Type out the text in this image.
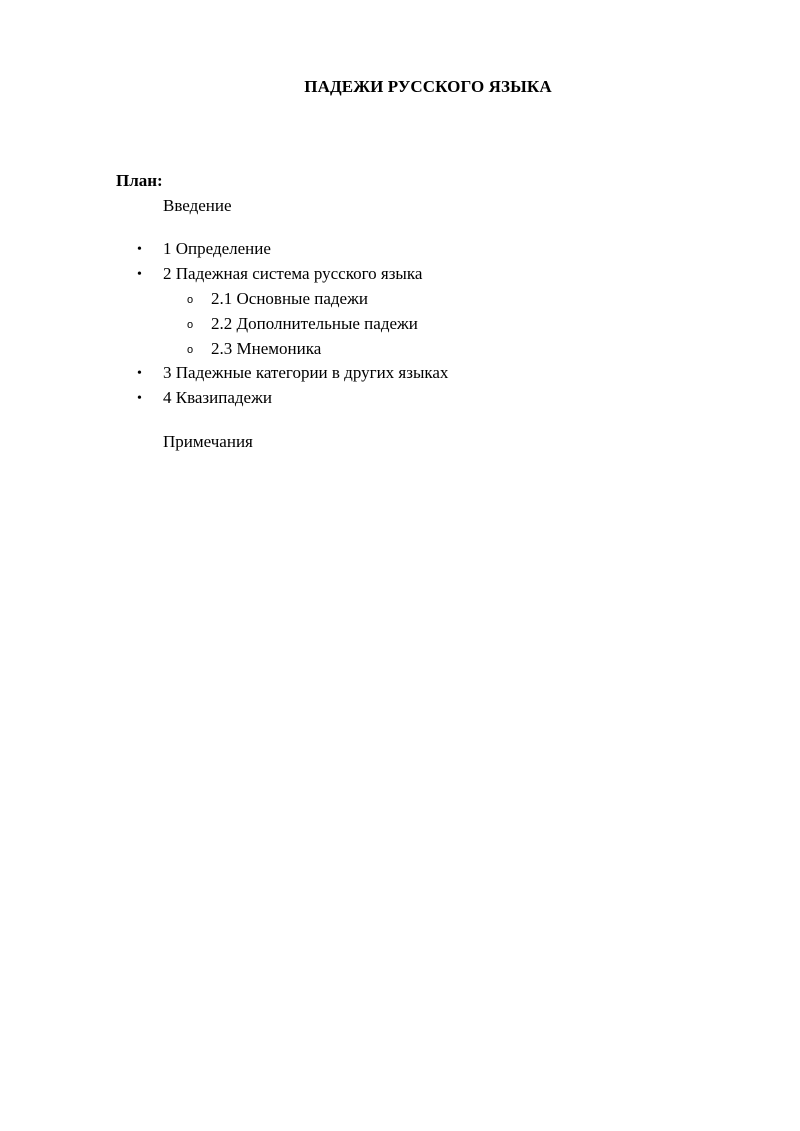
ПАДЕЖИ РУССКОГО ЯЗЫКА
План:
Введение
• 1 Определение
• 2 Падежная система русского языка
o 2.1 Основные падежи
o 2.2 Дополнительные падежи
o 2.3 Мнемоника
• 3 Падежные категории в других языках
• 4 Квазипадежи
Примечания
